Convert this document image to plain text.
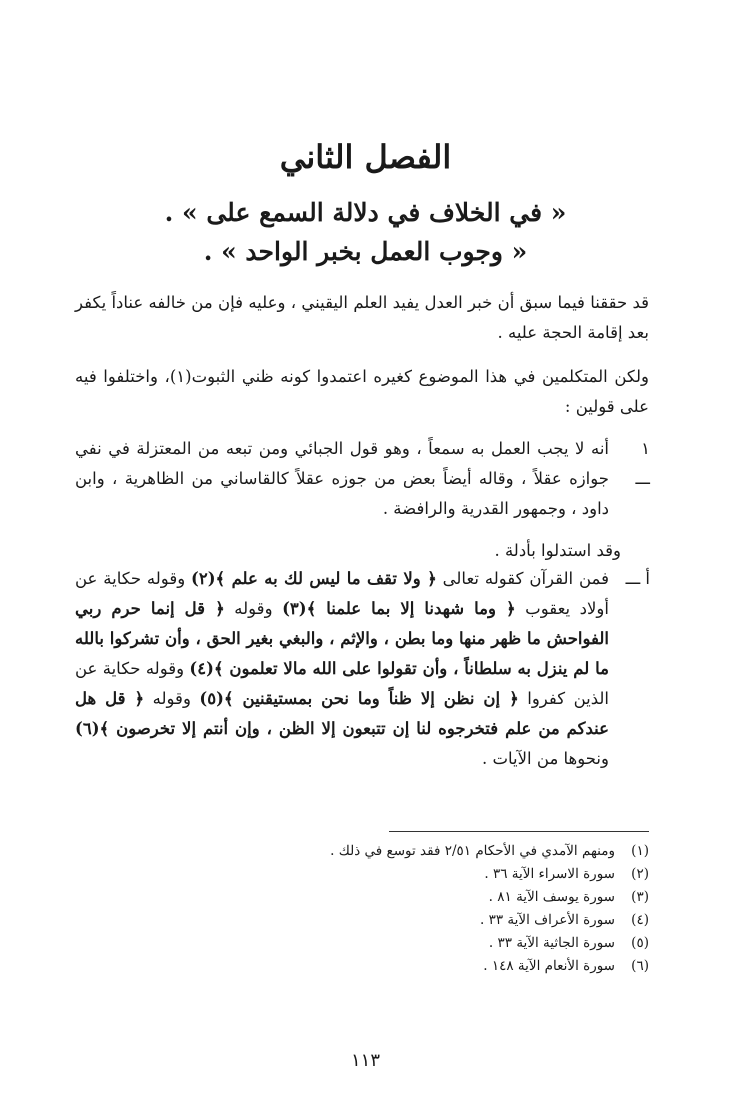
الفصل الثاني
« في الخلاف في دلالة السمع على » .
« وجوب العمل بخبر الواحد » .

قد حققنا فيما سبق أن خبر العدل يفيد العلم اليقيني ، وعليه فإن من خالفه عناداً يكفر بعد إقامة الحجة عليه .

ولكن المتكلمين في هذا الموضوع كغيره اعتمدوا كونه ظني الثبوت(١)، واختلفوا فيه على قولين :

١ ـــ
أنه لا يجب العمل به سمعاً ، وهو قول الجبائي ومن تبعه من المعتزلة في نفي جوازه عقلاً ، وقاله أيضاً بعض من جوزه عقلاً كالقاساني من الظاهرية ، وابن داود ، وجمهور القدرية والرافضة .

وقد استدلوا بأدلة .

أ ـــ
فمن القرآن كقوله تعالى ﴿ ولا تقف ما ليس لك به علم ﴾(٢) وقوله حكاية عن أولاد يعقوب ﴿ وما شهدنا إلا بما علمنا ﴾(٣) وقوله ﴿ قل إنما حرم ربي الفواحش ما ظهر منها وما بطن ، والإثم ، والبغي بغير الحق ، وأن تشركوا بالله ما لم ينزل به سلطاناً ، وأن تقولوا على الله مالا تعلمون ﴾(٤) وقوله حكاية عن الذين كفروا ﴿ إن نظن إلا ظناً وما نحن بمستيقنين ﴾(٥) وقوله ﴿ قل هل عندكم من علم فتخرجوه لنا إن تتبعون إلا الظن ، وإن أنتم إلا تخرصون ﴾(٦) ونحوها من الآيات .
(١)
ومنهم الآمدي في الأحكام ٢/٥١ فقد توسع في ذلك .
(٢)
سورة الاسراء الآية ٣٦ .
(٣)
سورة يوسف الآية ٨١ .
(٤)
سورة الأعراف الآية ٣٣ .
(٥)
سورة الجاثية الآية ٣٣ .
(٦)
سورة الأنعام الآية ١٤٨ .
١١٣
